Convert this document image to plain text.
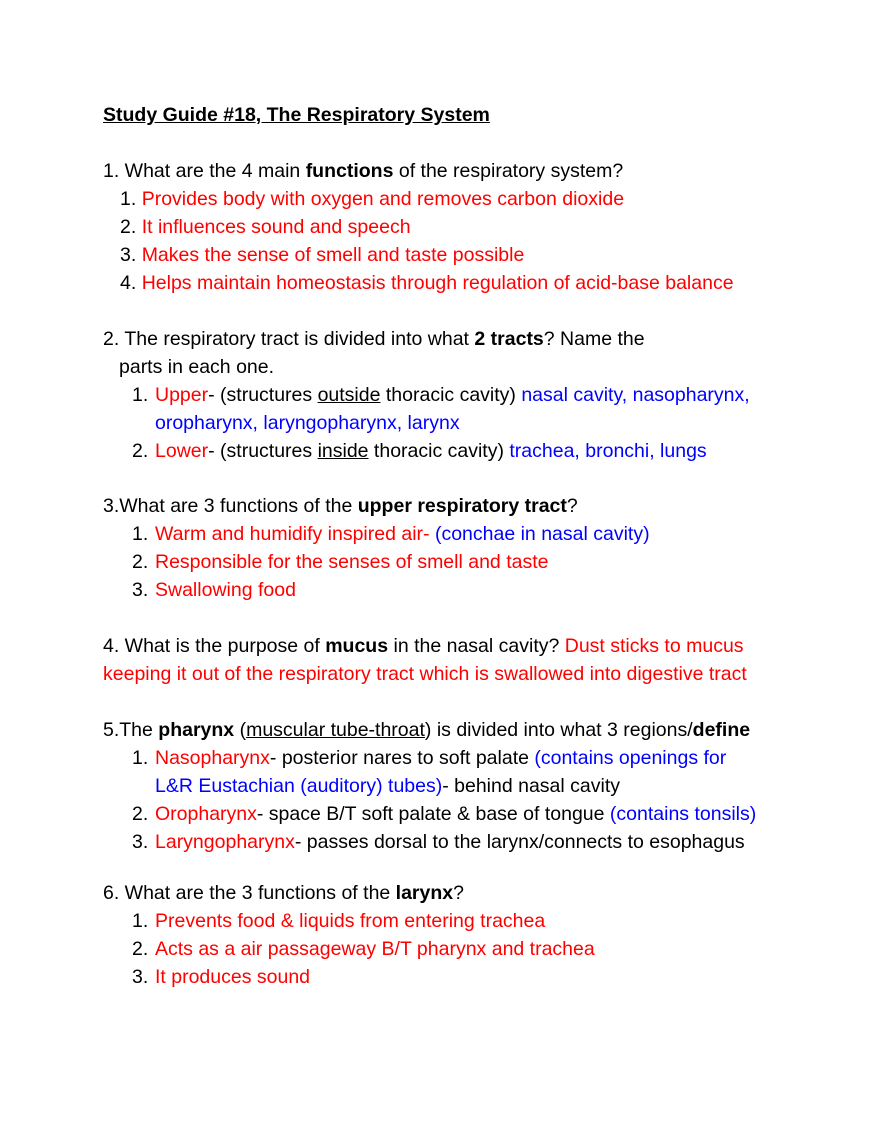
Study Guide #18, The Respiratory System
1. What are the 4 main functions of the respiratory system?
1. Provides body with oxygen and removes carbon dioxide
2. It influences sound and speech
3. Makes the sense of smell and taste possible
4. Helps maintain homeostasis through regulation of acid-base balance
2. The respiratory tract is divided into what 2 tracts? Name the
parts in each one.
1. Upper- (structures outside thoracic cavity) nasal cavity, nasopharynx,
oropharynx, laryngopharynx, larynx
2. Lower- (structures inside thoracic cavity) trachea, bronchi, lungs
3.What are 3 functions of the upper respiratory tract?
1. Warm and humidify inspired air- (conchae in nasal cavity)
2. Responsible for the senses of smell and taste
3. Swallowing food
4. What is the purpose of mucus in the nasal cavity? Dust sticks to mucus
keeping it out of the respiratory tract which is swallowed into digestive tract
5.The pharynx (muscular tube-throat) is divided into what 3 regions/define
1. Nasopharynx- posterior nares to soft palate (contains openings for
L&R Eustachian (auditory) tubes)- behind nasal cavity
2. Oropharynx- space B/T soft palate & base of tongue (contains tonsils)
3. Laryngopharynx- passes dorsal to the larynx/connects to esophagus
6. What are the 3 functions of the larynx?
1. Prevents food & liquids from entering trachea
2. Acts as a air passageway B/T pharynx and trachea
3. It produces sound
